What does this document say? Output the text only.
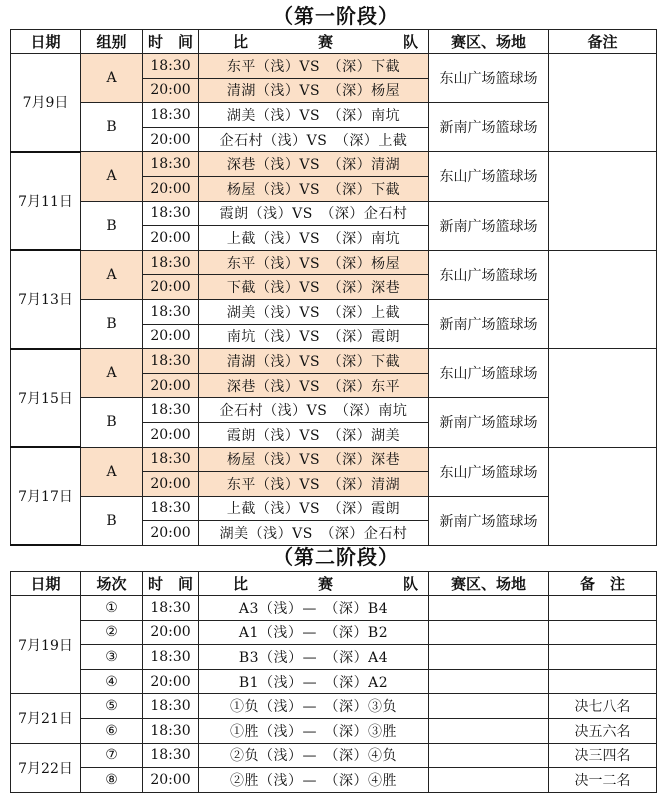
（第一阶段）
日期	组别	时　间	比 赛 队	赛区、场地	备注
7月9日	A	18:30	东平（浅）VS　（深）下截	东山广场篮球场	
		20:00	清湖（浅）VS　（深）杨屋		
	B	18:30	湖美（浅）VS　（深）南坑	新南广场篮球场	
		20:00	企石村（浅）VS　（深）上截		
7月11日	A	18:30	深巷（浅）VS　（深）清湖	东山广场篮球场	
		20:00	杨屋（浅）VS　（深）下截		
	B	18:30	霞朗（浅）VS　（深）企石村	新南广场篮球场	
		20:00	上截（浅）VS　（深）南坑		
7月13日	A	18:30	东平（浅）VS　（深）杨屋	东山广场篮球场	
		20:00	下截（浅）VS　（深）深巷		
	B	18:30	湖美（浅）VS　（深）上截	新南广场篮球场	
		20:00	南坑（浅）VS　（深）霞朗		
7月15日	A	18:30	清湖（浅）VS　（深）下截	东山广场篮球场	
		20:00	深巷（浅）VS　（深）东平		
	B	18:30	企石村（浅）VS　（深）南坑	新南广场篮球场	
		20:00	霞朗（浅）VS　（深）湖美		
7月17日	A	18:30	杨屋（浅）VS　（深）深巷	东山广场篮球场	
		20:00	东平（浅）VS　（深）清湖		
	B	18:30	上截（浅）VS　（深）霞朗	新南广场篮球场	
		20:00	湖美（浅）VS　（深）企石村		
（第二阶段）
日期	场次	时　间	比 赛 队	赛区、场地	备　注
7月19日	①	18:30	A3（浅）—　（深）B4		
	②	20:00	A1（浅）—　（深）B2		
	③	18:30	B3（浅）—　（深）A4		
	④	20:00	B1（浅）—　（深）A2		
7月21日	⑤	18:30	①负（浅）—　（深）③负		决七八名
	⑥	18:30	①胜（浅）—　（深）③胜		决五六名
7月22日	⑦	18:30	②负（浅）—　（深）④负		决三四名
	⑧	20:00	②胜（浅）—　（深）④胜		决一二名
